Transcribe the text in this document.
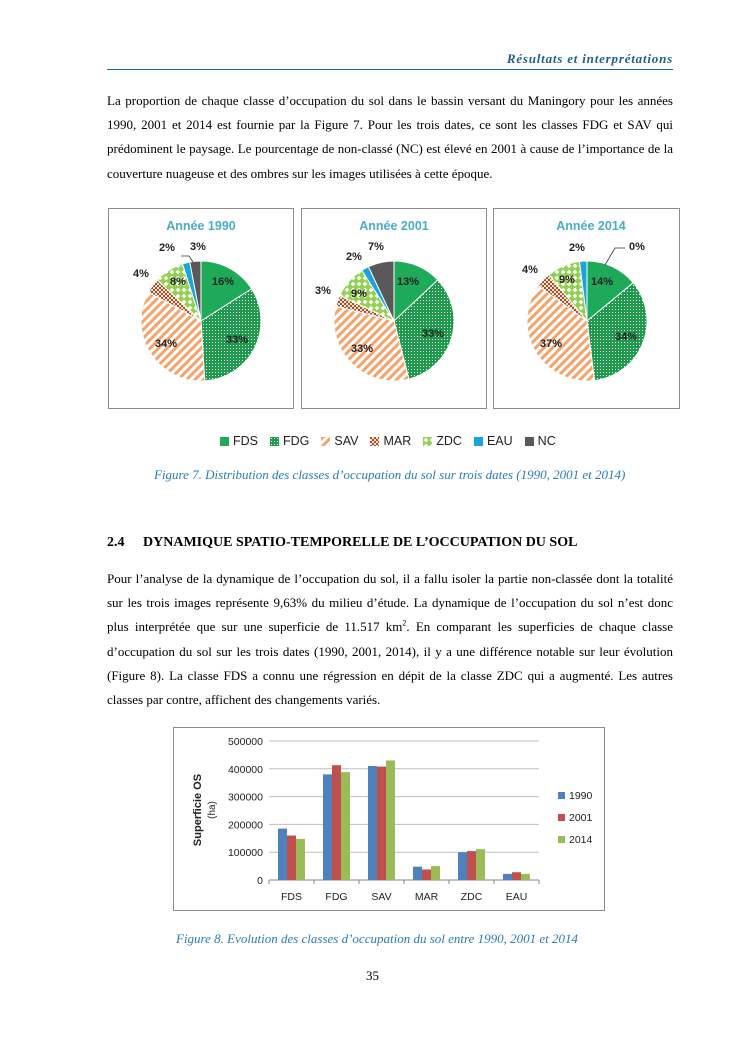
Résultats et interprétations

La proportion de chaque classe d’occupation du sol dans le bassin versant du Maningory pour les années 1990, 2001 et 2014 est fournie par la Figure 7. Pour les trois dates, ce sont les classes FDG et SAV qui prédominent le paysage. Le pourcentage de non-classé (NC) est élevé en 2001 à cause de l’importance de la couverture nuageuse et des ombres sur les images utilisées à cette époque.

Année 1990
16%
33%
34%
4%
8%
2% 3%
Année 2001
13%
33%
33%
3% 9%
2%
7%
Année 2014
14%
34%
37%
4%
9%
2%	0%
FDS FDG SAV MAR ZDC EAU NC
Figure 7. Distribution des classes d’occupation du sol sur trois dates (1990, 2001 et 2014)
2.4 DYNAMIQUE SPATIO-TEMPORELLE DE L’OCCUPATION DU SOL

Pour l’analyse de la dynamique de l’occupation du sol, il a fallu isoler la partie non-classée dont la totalité sur les trois images représente 9,63% du milieu d’étude. La dynamique de l’occupation du sol n’est donc plus interprétée que sur une superficie de 11.517 $km^2$. En comparant les superficies de chaque classe d’occupation du sol sur les trois dates (1990, 2001, 2014), il y a une différence notable sur leur évolution (Figure 8). La classe FDS a connu une régression en dépit de la classe ZDC qui a augmenté. Les autres classes par contre, affichent des changements variés.

0
100000
200000
300000
400000
500000
FDS FDG SAV MAR ZDC EAU
Superficie OS (ha)
1990
2001
2014
Figure 8. Evolution des classes d’occupation du sol entre 1990, 2001 et 2014
35
